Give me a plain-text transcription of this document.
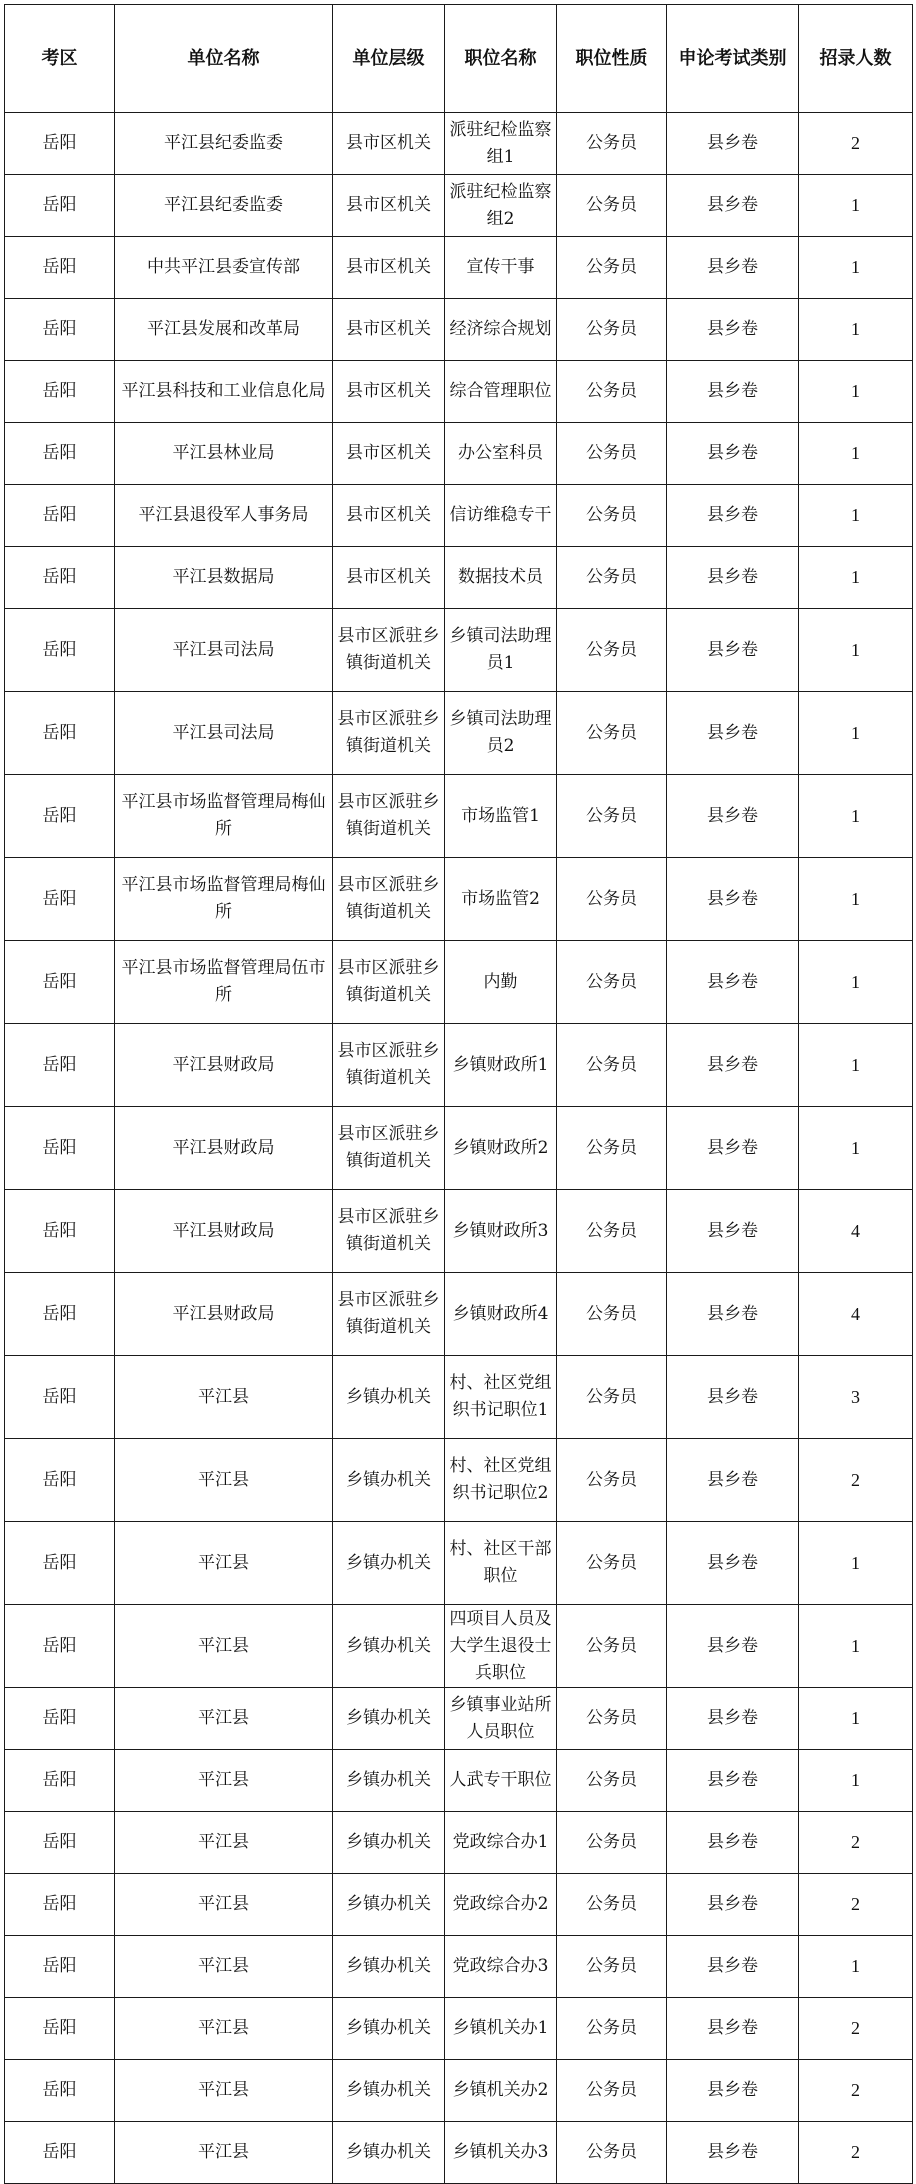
考区	单位名称	单位层级	职位名称	职位性质	申论考试类别	招录人数
岳阳	平江县纪委监委	县市区机关	派驻纪检监察组1	公务员	县乡卷	2
岳阳	平江县纪委监委	县市区机关	派驻纪检监察组2	公务员	县乡卷	1
岳阳	中共平江县委宣传部	县市区机关	宣传干事	公务员	县乡卷	1
岳阳	平江县发展和改革局	县市区机关	经济综合规划	公务员	县乡卷	1
岳阳	平江县科技和工业信息化局	县市区机关	综合管理职位	公务员	县乡卷	1
岳阳	平江县林业局	县市区机关	办公室科员	公务员	县乡卷	1
岳阳	平江县退役军人事务局	县市区机关	信访维稳专干	公务员	县乡卷	1
岳阳	平江县数据局	县市区机关	数据技术员	公务员	县乡卷	1
岳阳	平江县司法局	县市区派驻乡镇街道机关	乡镇司法助理员1	公务员	县乡卷	1
岳阳	平江县司法局	县市区派驻乡镇街道机关	乡镇司法助理员2	公务员	县乡卷	1
岳阳	平江县市场监督管理局梅仙所	县市区派驻乡镇街道机关	市场监管1	公务员	县乡卷	1
岳阳	平江县市场监督管理局梅仙所	县市区派驻乡镇街道机关	市场监管2	公务员	县乡卷	1
岳阳	平江县市场监督管理局伍市所	县市区派驻乡镇街道机关	内勤	公务员	县乡卷	1
岳阳	平江县财政局	县市区派驻乡镇街道机关	乡镇财政所1	公务员	县乡卷	1
岳阳	平江县财政局	县市区派驻乡镇街道机关	乡镇财政所2	公务员	县乡卷	1
岳阳	平江县财政局	县市区派驻乡镇街道机关	乡镇财政所3	公务员	县乡卷	4
岳阳	平江县财政局	县市区派驻乡镇街道机关	乡镇财政所4	公务员	县乡卷	4
岳阳	平江县	乡镇办机关	村、社区党组织书记职位1	公务员	县乡卷	3
岳阳	平江县	乡镇办机关	村、社区党组织书记职位2	公务员	县乡卷	2
岳阳	平江县	乡镇办机关	村、社区干部职位	公务员	县乡卷	1
岳阳	平江县	乡镇办机关	四项目人员及大学生退役士兵职位	公务员	县乡卷	1
岳阳	平江县	乡镇办机关	乡镇事业站所人员职位	公务员	县乡卷	1
岳阳	平江县	乡镇办机关	人武专干职位	公务员	县乡卷	1
岳阳	平江县	乡镇办机关	党政综合办1	公务员	县乡卷	2
岳阳	平江县	乡镇办机关	党政综合办2	公务员	县乡卷	2
岳阳	平江县	乡镇办机关	党政综合办3	公务员	县乡卷	1
岳阳	平江县	乡镇办机关	乡镇机关办1	公务员	县乡卷	2
岳阳	平江县	乡镇办机关	乡镇机关办2	公务员	县乡卷	2
岳阳	平江县	乡镇办机关	乡镇机关办3	公务员	县乡卷	2
